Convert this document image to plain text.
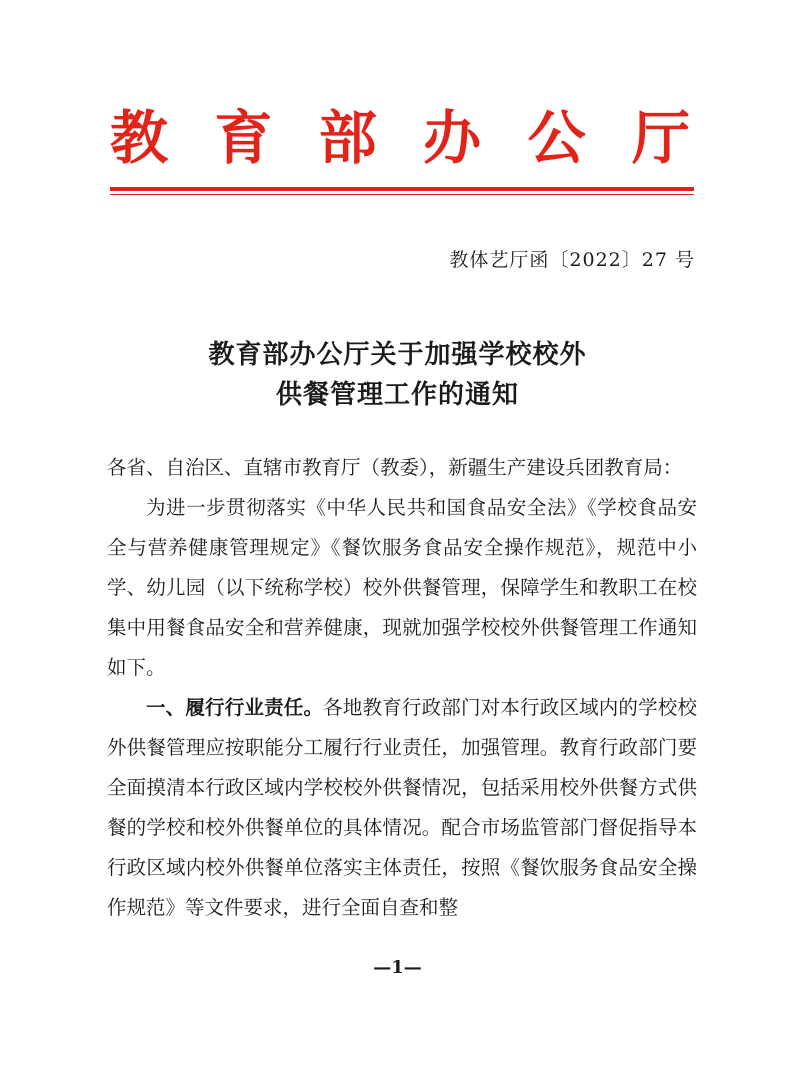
教 育 部 办 公 厅
教体艺厅函〔2022〕27 号
教育部办公厅关于加强学校校外
供餐管理工作的通知

各省、自治区、直辖市教育厅（教委），新疆生产建设兵团教育局：

为进一步贯彻落实《中华人民共和国食品安全法》《学校食品安全与营养健康管理规定》《餐饮服务食品安全操作规范》，规范中小学、幼儿园（以下统称学校）校外供餐管理，保障学生和教职工在校集中用餐食品安全和营养健康，现就加强学校校外供餐管理工作通知如下。

一、履行行业责任。各地教育行政部门对本行政区域内的学校校外供餐管理应按职能分工履行行业责任，加强管理。教育行政部门要全面摸清本行政区域内学校校外供餐情况，包括采用校外供餐方式供餐的学校和校外供餐单位的具体情况。配合市场监管部门督促指导本行政区域内校外供餐单位落实主体责任，按照《餐饮服务食品安全操作规范》等文件要求，进行全面自查和整

—1—
